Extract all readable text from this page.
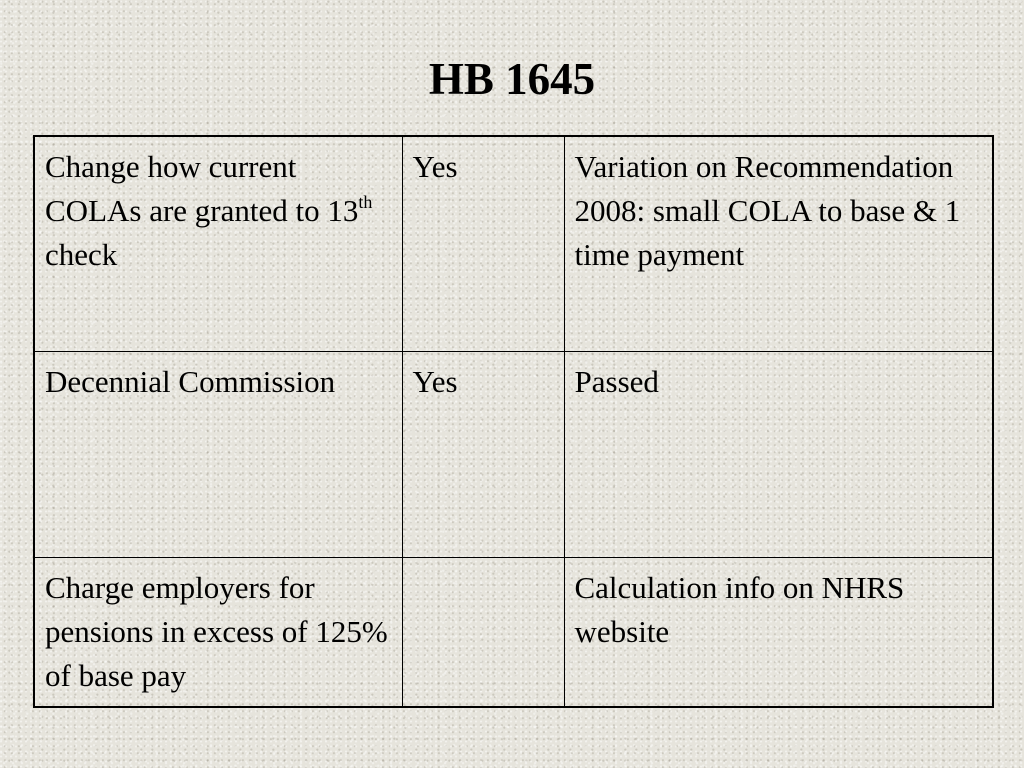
HB 1645
Change how current COLAs are granted to 13th check	Yes	Variation on Recommendation 2008: small COLA to base & 1 time payment
Decennial Commission	Yes	Passed
Charge employers for pensions in excess of 125% of base pay		Calculation info on NHRS website
